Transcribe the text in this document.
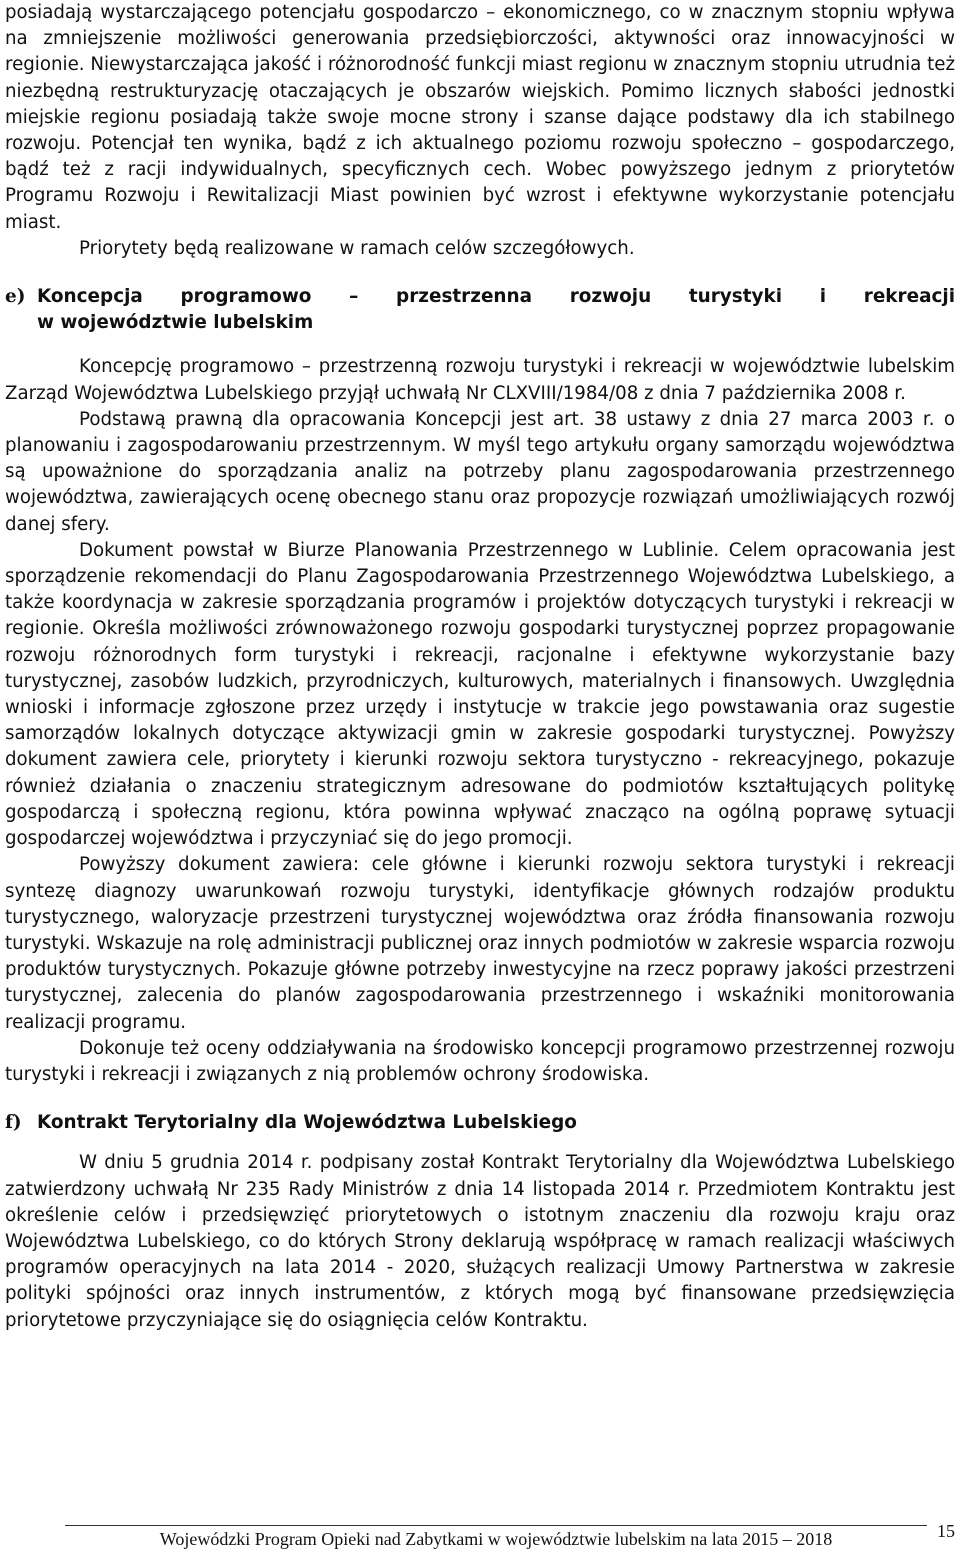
posiadają wystarczającego potencjału gospodarczo – ekonomicznego, co w znacznym stopniu wpływa na zmniejszenie możliwości generowania przedsiębiorczości, aktywności oraz innowacyjności w regionie. Niewystarczająca jakość i różnorodność funkcji miast regionu w znacznym stopniu utrudnia też niezbędną restrukturyzację otaczających je obszarów wiejskich. Pomimo licznych słabości jednostki miejskie regionu posiadają także swoje mocne strony i szanse dające podstawy dla ich stabilnego rozwoju. Potencjał ten wynika, bądź z ich aktualnego poziomu rozwoju społeczno – gospodarczego, bądź też z racji indywidualnych, specyficznych cech. Wobec powyższego jednym z priorytetów Programu Rozwoju i Rewitalizacji Miast powinien być wzrost i efektywne wykorzystanie potencjału miast.

Priorytety będą realizowane w ramach celów szczegółowych.

e) Koncepcja programowo – przestrzenna rozwoju turystyki i rekreacji
w województwie lubelskim

Koncepcję programowo – przestrzenną rozwoju turystyki i rekreacji w województwie lubelskim Zarząd Województwa Lubelskiego przyjął uchwałą Nr CLXVIII/1984/08 z dnia 7 października 2008 r.

Podstawą prawną dla opracowania Koncepcji jest art. 38 ustawy z dnia 27 marca 2003 r. o planowaniu i zagospodarowaniu przestrzennym. W myśl tego artykułu organy samorządu województwa są upoważnione do sporządzania analiz na potrzeby planu zagospodarowania przestrzennego województwa, zawierających ocenę obecnego stanu oraz propozycje rozwiązań umożliwiających rozwój danej sfery.

Dokument powstał w Biurze Planowania Przestrzennego w Lublinie. Celem opracowania jest sporządzenie rekomendacji do Planu Zagospodarowania Przestrzennego Województwa Lubelskiego, a także koordynacja w zakresie sporządzania programów i projektów dotyczących turystyki i rekreacji w regionie. Określa możliwości zrównoważonego rozwoju gospodarki turystycznej poprzez propagowanie rozwoju różnorodnych form turystyki i rekreacji, racjonalne i efektywne wykorzystanie bazy turystycznej, zasobów ludzkich, przyrodniczych, kulturowych, materialnych i finansowych. Uwzględnia wnioski i informacje zgłoszone przez urzędy i instytucje w trakcie jego powstawania oraz sugestie samorządów lokalnych dotyczące aktywizacji gmin w zakresie gospodarki turystycznej. Powyższy dokument zawiera cele, priorytety i kierunki rozwoju sektora turystyczno - rekreacyjnego, pokazuje również działania o znaczeniu strategicznym adresowane do podmiotów kształtujących politykę gospodarczą i społeczną regionu, która powinna wpływać znacząco na ogólną poprawę sytuacji gospodarczej województwa i przyczyniać się do jego promocji.

Powyższy dokument zawiera: cele główne i kierunki rozwoju sektora turystyki i rekreacji syntezę diagnozy uwarunkowań rozwoju turystyki, identyfikacje głównych rodzajów produktu turystycznego, waloryzacje przestrzeni turystycznej województwa oraz źródła finansowania rozwoju turystyki. Wskazuje na rolę administracji publicznej oraz innych podmiotów w zakresie wsparcia rozwoju produktów turystycznych. Pokazuje główne potrzeby inwestycyjne na rzecz poprawy jakości przestrzeni turystycznej, zalecenia do planów zagospodarowania przestrzennego i wskaźniki monitorowania realizacji programu.

Dokonuje też oceny oddziaływania na środowisko koncepcji programowo przestrzennej rozwoju turystyki i rekreacji i związanych z nią problemów ochrony środowiska.

f) Kontrakt Terytorialny dla Województwa Lubelskiego

W dniu 5 grudnia 2014 r. podpisany został Kontrakt Terytorialny dla Województwa Lubelskiego zatwierdzony uchwałą Nr 235 Rady Ministrów z dnia 14 listopada 2014 r. Przedmiotem Kontraktu jest określenie celów i przedsięwzięć priorytetowych o istotnym znaczeniu dla rozwoju kraju oraz Województwa Lubelskiego, co do których Strony deklarują współpracę w ramach realizacji właściwych programów operacyjnych na lata 2014 - 2020, służących realizacji Umowy Partnerstwa w zakresie polityki spójności oraz innych instrumentów, z których mogą być finansowane przedsięwzięcia priorytetowe przyczyniające się do osiągnięcia celów Kontraktu.

Wojewódzki Program Opieki nad Zabytkami w województwie lubelskim na lata 2015 – 2018	15
